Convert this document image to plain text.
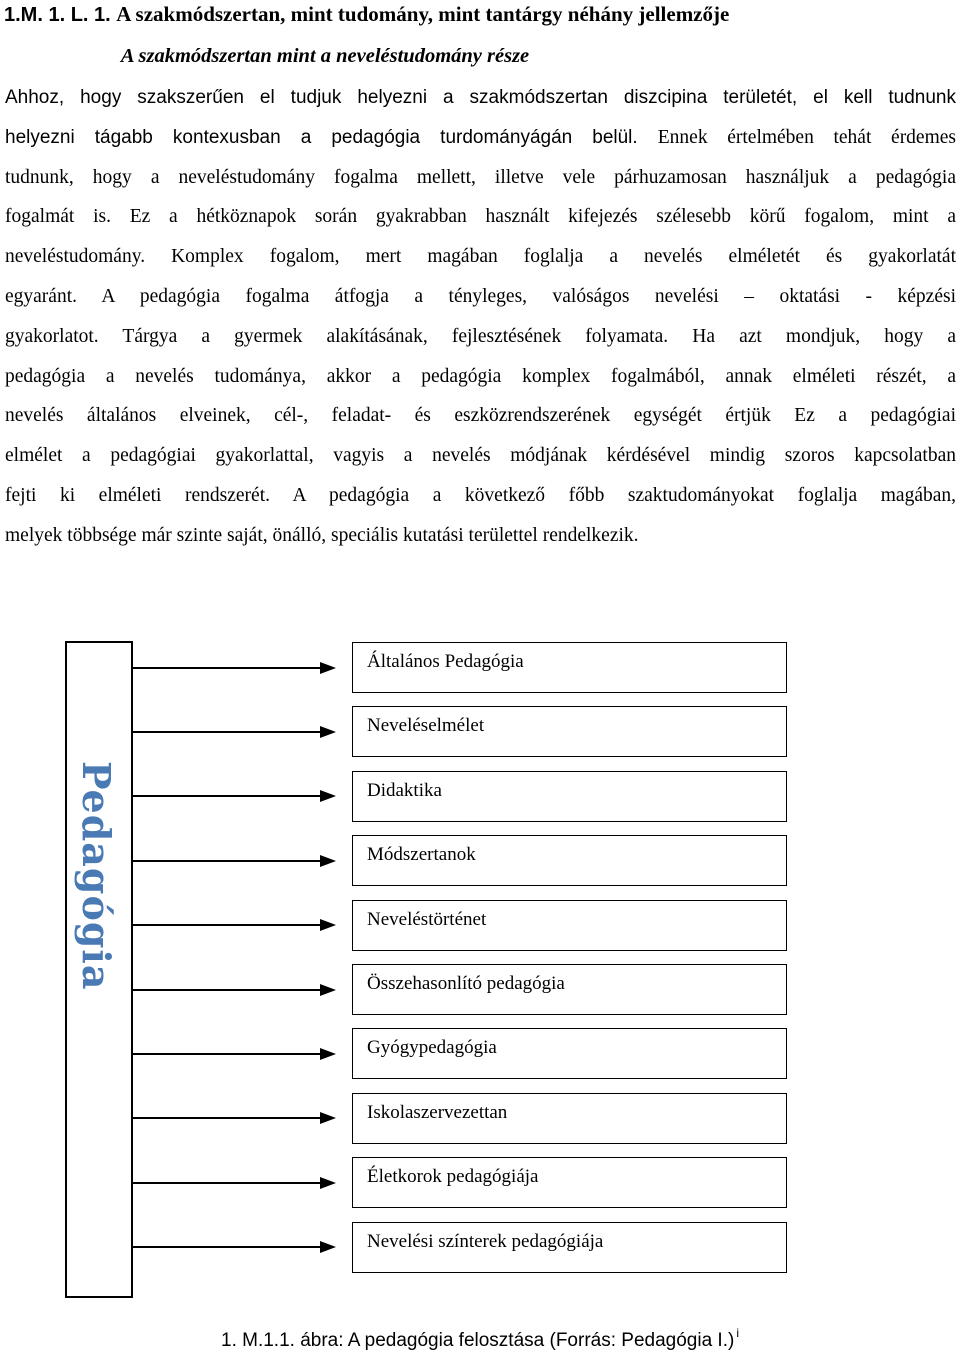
1.M. 1. L. 1. A szakmódszertan, mint tudomány, mint tantárgy néhány jellemzője
A szakmódszertan mint a neveléstudomány része
Ahhoz, hogy szakszerűen el tudjuk helyezni a szakmódszertan diszcipina területét, el kell tudnunk
helyezni tágabb kontexusban a pedagógia turdományágán belül. Ennek értelmében tehát érdemes
tudnunk, hogy a neveléstudomány fogalma mellett, illetve vele párhuzamosan használjuk a pedagógia
fogalmát is. Ez a hétköznapok során gyakrabban használt kifejezés szélesebb körű fogalom, mint a
neveléstudomány. Komplex fogalom, mert magában foglalja a nevelés elméletét és gyakorlatát
egyaránt. A pedagógia fogalma átfogja a tényleges, valóságos nevelési – oktatási - képzési
gyakorlatot. Tárgya a gyermek alakításának, fejlesztésének folyamata. Ha azt mondjuk, hogy a
pedagógia a nevelés tudománya, akkor a pedagógia komplex fogalmából, annak elméleti részét, a
nevelés általános elveinek, cél-, feladat- és eszközrendszerének egységét értjük Ez a pedagógiai
elmélet a pedagógiai gyakorlattal, vagyis a nevelés módjának kérdésével mindig szoros kapcsolatban
fejti ki elméleti rendszerét. A pedagógia a következő főbb szaktudományokat foglalja magában,
melyek többsége már szinte saját, önálló, speciális kutatási területtel rendelkezik.
Pedagógia
Általános Pedagógia
Neveléselmélet
Didaktika
Módszertanok
Neveléstörténet
Összehasonlító pedagógia
Gyógypedagógia
Iskolaszervezettan
Életkorok pedagógiája
Nevelési színterek pedagógiája
1. M.1.1. ábra: A pedagógia felosztása (Forrás: Pedagógia I.) $^i$
